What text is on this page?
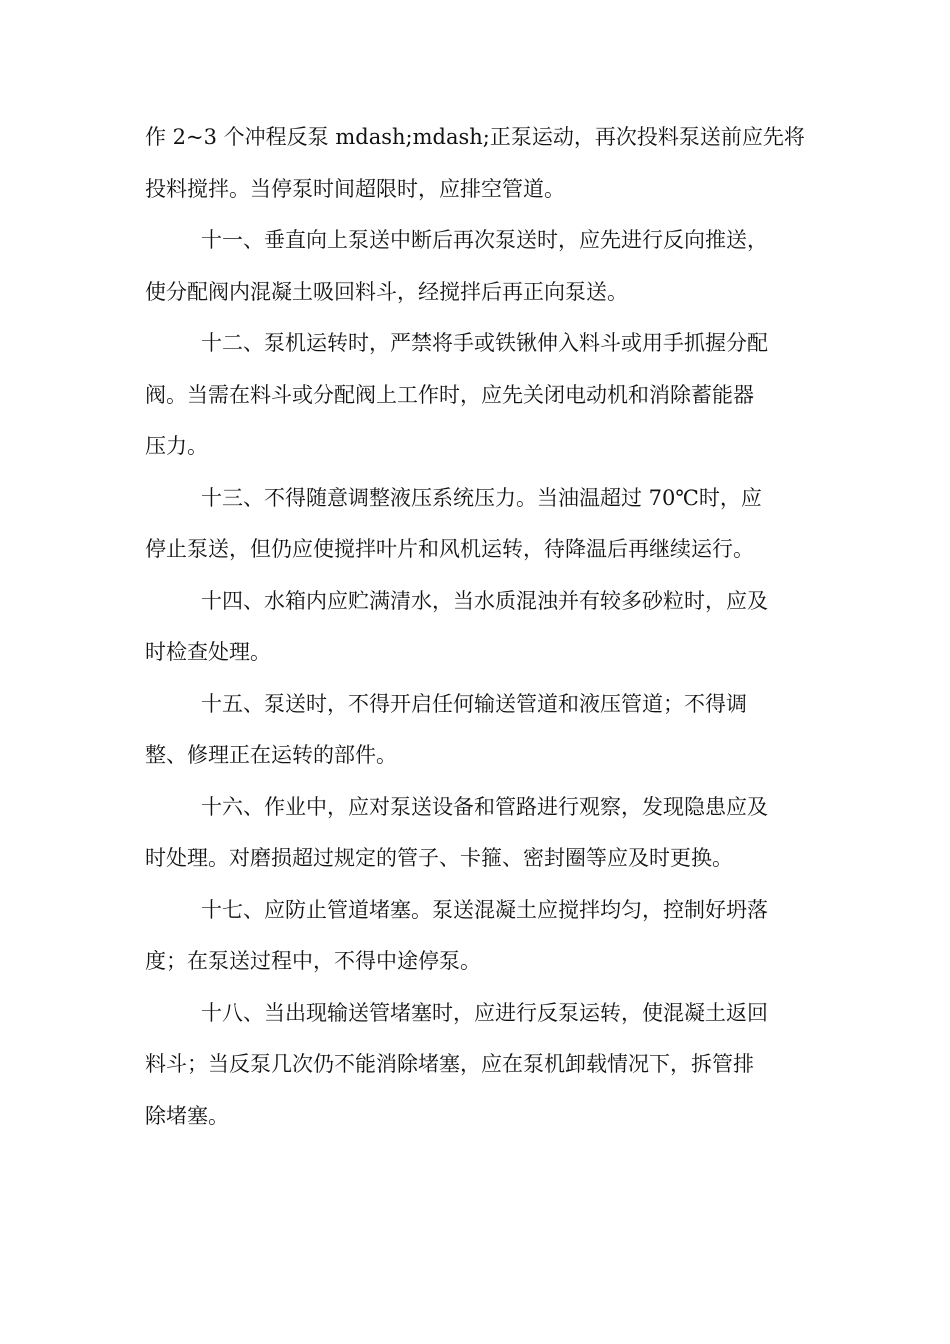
作 2~3 个冲程反泵 mdash;mdash;正泵运动，再次投料泵送前应先将
投料搅拌。当停泵时间超限时，应排空管道。

十一、垂直向上泵送中断后再次泵送时，应先进行反向推送，
使分配阀内混凝土吸回料斗，经搅拌后再正向泵送。

十二、泵机运转时，严禁将手或铁锹伸入料斗或用手抓握分配
阀。当需在料斗或分配阀上工作时，应先关闭电动机和消除蓄能器
压力。

十三、不得随意调整液压系统压力。当油温超过 70℃时，应
停止泵送，但仍应使搅拌叶片和风机运转，待降温后再继续运行。

十四、水箱内应贮满清水，当水质混浊并有较多砂粒时，应及
时检查处理。

十五、泵送时，不得开启任何输送管道和液压管道；不得调
整、修理正在运转的部件。

十六、作业中，应对泵送设备和管路进行观察，发现隐患应及
时处理。对磨损超过规定的管子、卡箍、密封圈等应及时更换。

十七、应防止管道堵塞。泵送混凝土应搅拌均匀，控制好坍落
度；在泵送过程中，不得中途停泵。

十八、当出现输送管堵塞时，应进行反泵运转，使混凝土返回
料斗；当反泵几次仍不能消除堵塞，应在泵机卸载情况下，拆管排
除堵塞。
